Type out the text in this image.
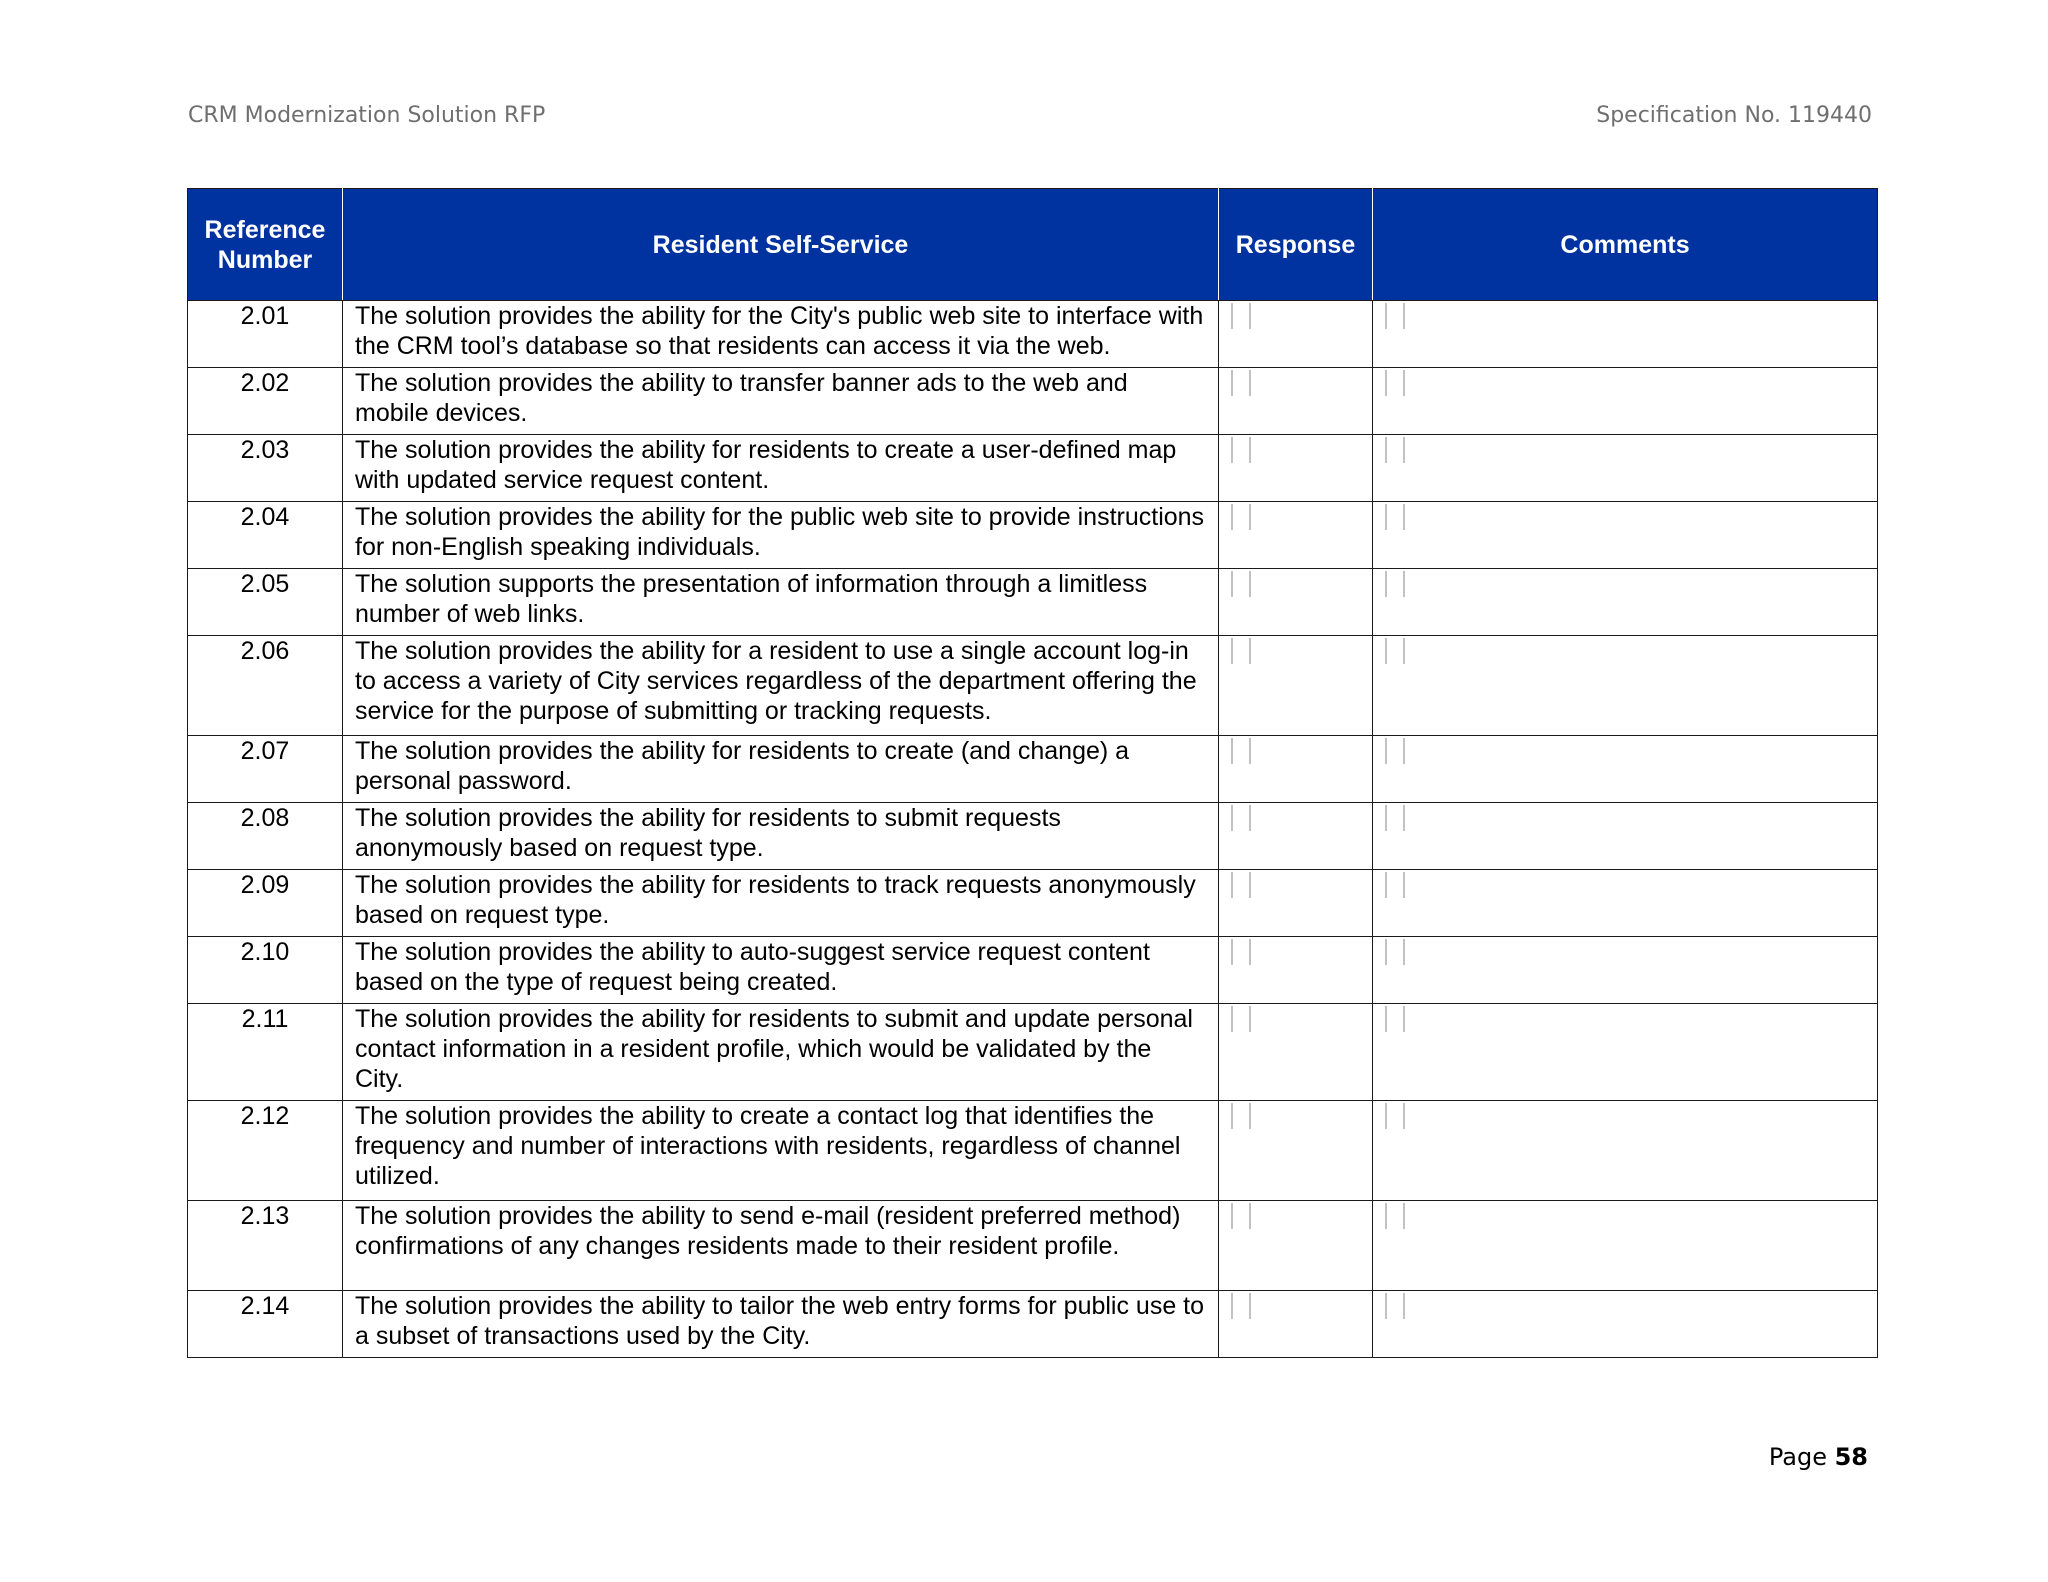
CRM Modernization Solution RFP	Specification No. 119440
Reference Number	Resident Self-Service	Response	Comments
2.01	The solution provides the ability for the City's public web site to interface with the CRM tool’s database so that residents can access it via the web.		
2.02	The solution provides the ability to transfer banner ads to the web and mobile devices.		
2.03	The solution provides the ability for residents to create a user-defined map with updated service request content.		
2.04	The solution provides the ability for the public web site to provide instructions for non-English speaking individuals.		
2.05	The solution supports the presentation of information through a limitless number of web links.		
2.06	The solution provides the ability for a resident to use a single account log-in to access a variety of City services regardless of the department offering the service for the purpose of submitting or tracking requests.		
2.07	The solution provides the ability for residents to create (and change) a personal password.		
2.08	The solution provides the ability for residents to submit requests anonymously based on request type.		
2.09	The solution provides the ability for residents to track requests anonymously based on request type.		
2.10	The solution provides the ability to auto-suggest service request content based on the type of request being created.		
2.11	The solution provides the ability for residents to submit and update personal contact information in a resident profile, which would be validated by the City.		
2.12	The solution provides the ability to create a contact log that identifies the frequency and number of interactions with residents, regardless of channel utilized.		
2.13	The solution provides the ability to send e-mail (resident preferred method) confirmations of any changes residents made to their resident profile.		
2.14	The solution provides the ability to tailor the web entry forms for public use to a subset of transactions used by the City.		
Page 58
